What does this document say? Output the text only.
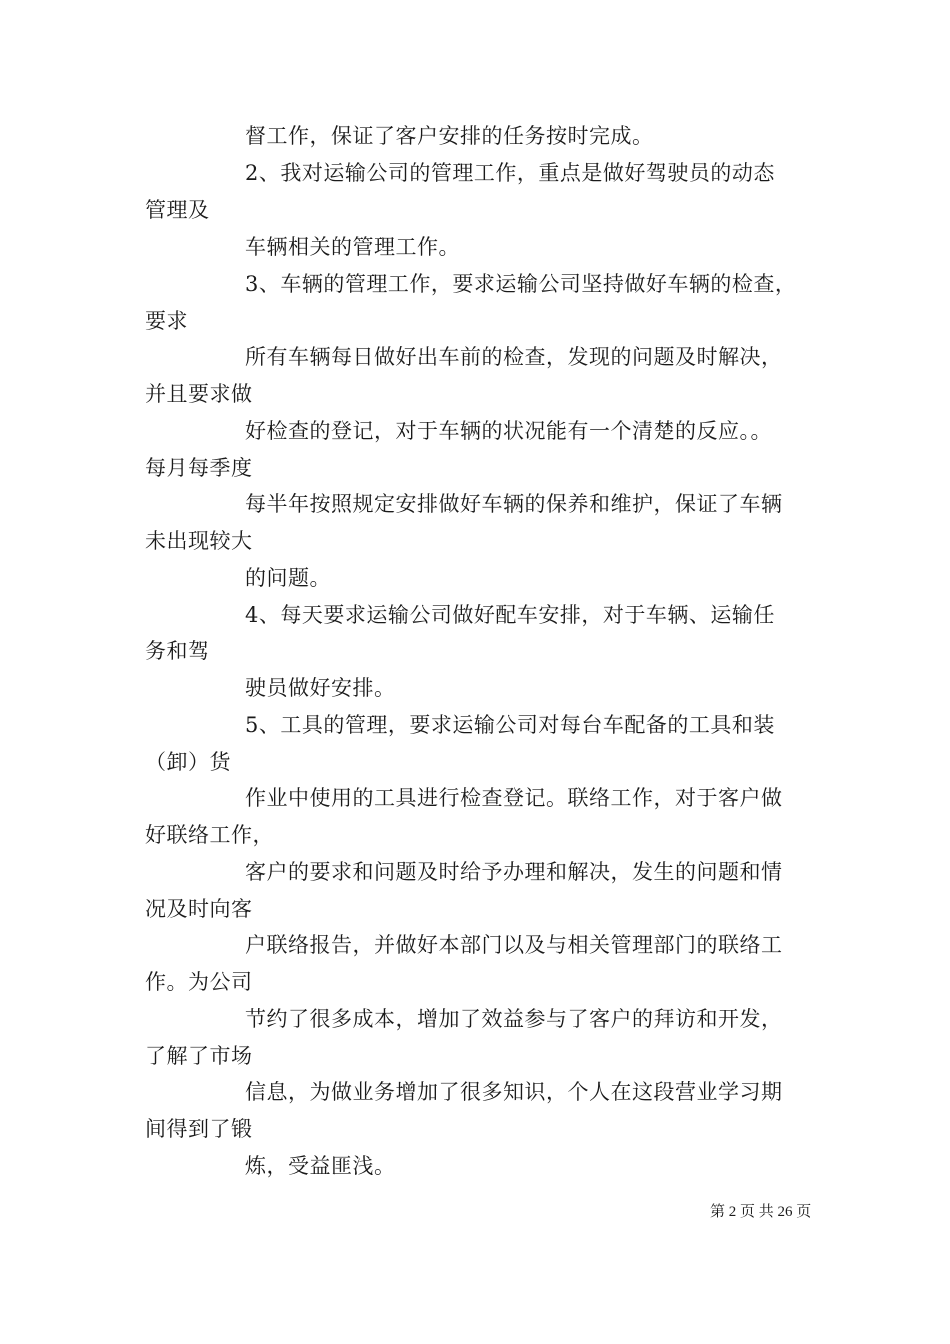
督工作，保证了客户安排的任务按时完成。
2、我对运输公司的管理工作，重点是做好驾驶员的动态
管理及
车辆相关的管理工作。
3、车辆的管理工作，要求运输公司坚持做好车辆的检查，
要求
所有车辆每日做好出车前的检查，发现的问题及时解决，
并且要求做
好检查的登记，对于车辆的状况能有一个清楚的反应。。
每月每季度
每半年按照规定安排做好车辆的保养和维护，保证了车辆
未出现较大
的问题。
4、每天要求运输公司做好配车安排，对于车辆、运输任
务和驾
驶员做好安排。
5、工具的管理，要求运输公司对每台车配备的工具和装
（卸）货
作业中使用的工具进行检查登记。联络工作，对于客户做
好联络工作，
客户的要求和问题及时给予办理和解决，发生的问题和情
况及时向客
户联络报告，并做好本部门以及与相关管理部门的联络工
作。为公司
节约了很多成本，增加了效益参与了客户的拜访和开发，
了解了市场
信息，为做业务增加了很多知识，个人在这段营业学习期
间得到了锻
炼，受益匪浅。
第 2 页 共 26 页
